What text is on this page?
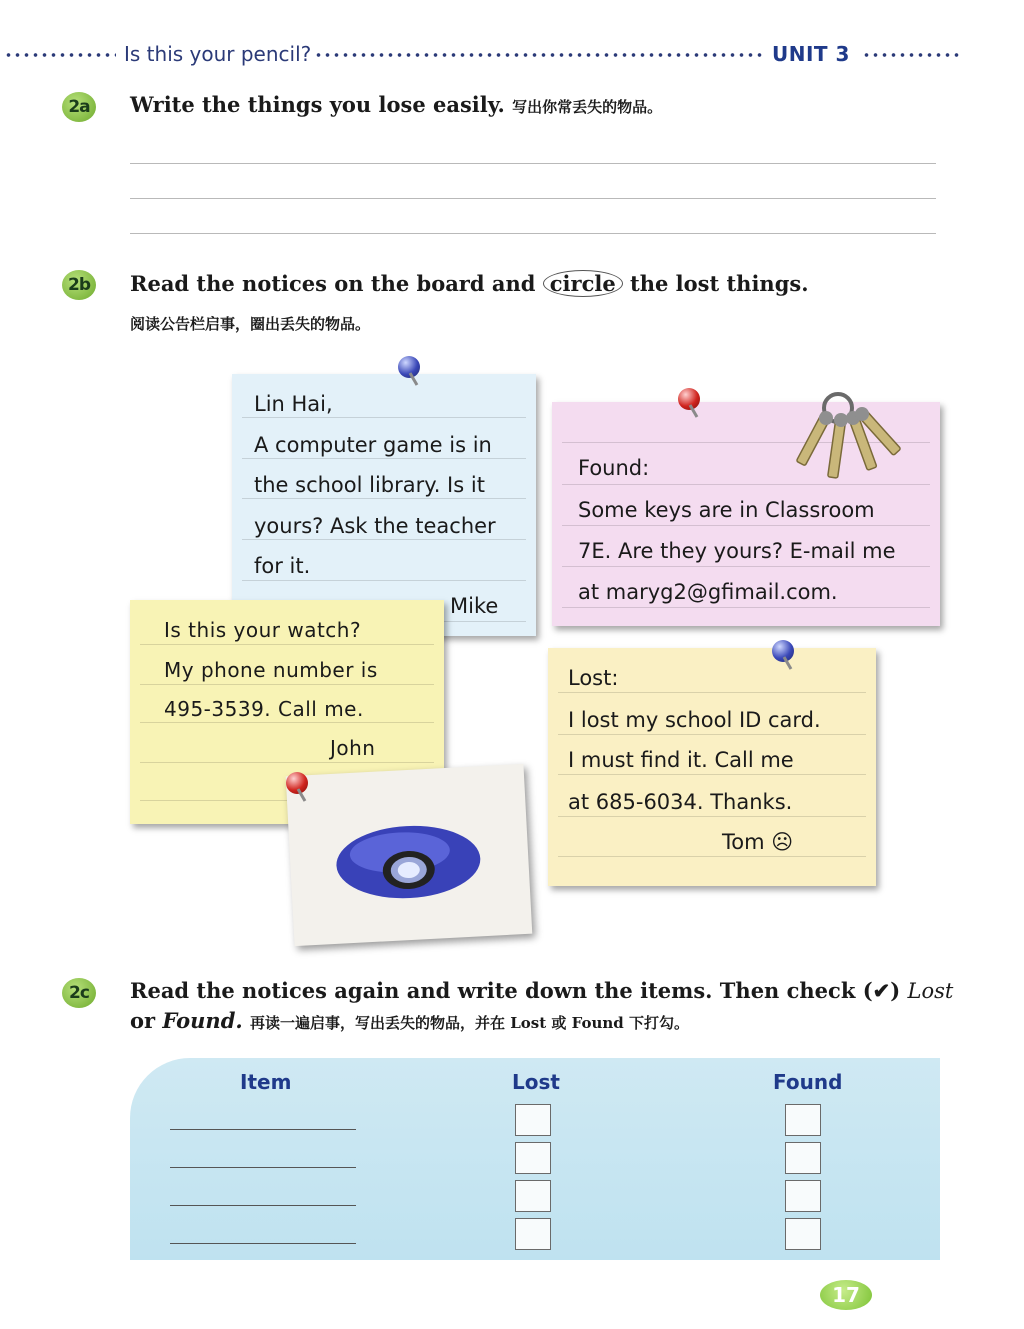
Is this your pencil?	UNIT 3
2a	Write the things you lose easily. 写出你常丢失的物品。
2b Read the notices on the board and circle the lost things.
阅读公告栏启事，圈出丢失的物品。
Lin Hai,
A computer game is in
the school library. Is it
yours? Ask the teacher
for it.
Mike
Found:
Some keys are in Classroom
7E. Are they yours? E-mail me
at maryg2@gfimail.com.
Is this your watch?
My phone number is
495-3539. Call me.
John
Lost:
I lost my school ID card.
I must find it. Call me
at 685-6034. Thanks.
Tom ☹
2c	Read the notices again and write down the items. Then check (✔) Lost
or Found. 再读一遍启事，写出丢失的物品，并在 Lost 或 Found 下打勾。
Item	Lost	Found
17
